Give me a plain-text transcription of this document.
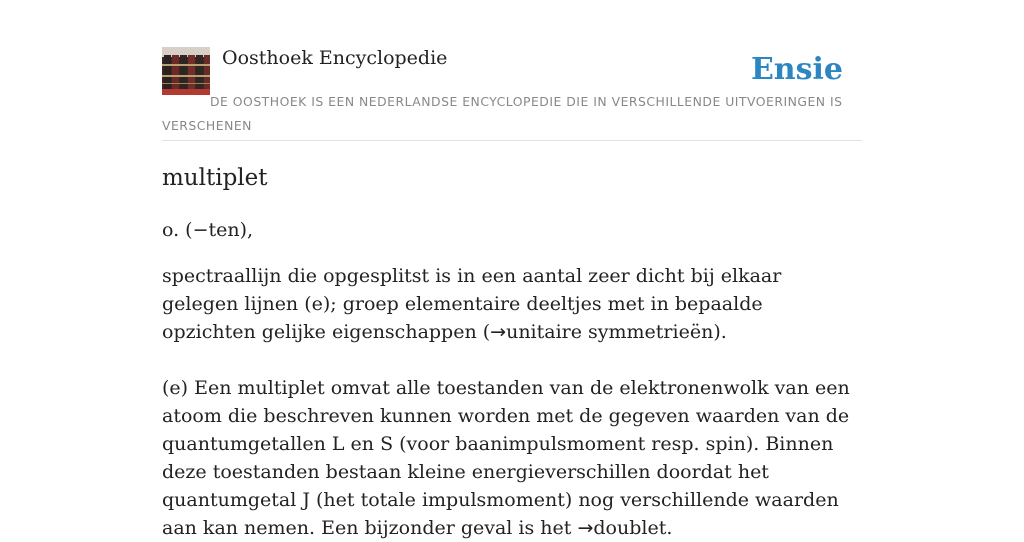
Oosthoek Encyclopedie	Ensie
DE OOSTHOEK IS EEN NEDERLANDSE ENCYCLOPEDIE DIE IN VERSCHILLENDE UITVOERINGEN IS VERSCHENEN
multiplet

o. (−ten),

spectraallijn die opgesplitst is in een aantal zeer dicht bij elkaar gelegen lijnen (e); groep elementaire deeltjes met in bepaalde opzichten gelijke eigenschappen (→unitaire symmetrieën).

(e) Een multiplet omvat alle toestanden van de elektronenwolk van een atoom die beschreven kunnen worden met de gegeven waarden van de quantumgetallen L en S (voor baanimpulsmoment resp. spin). Binnen deze toestanden bestaan kleine energieverschillen doordat het quantumgetal J (het totale impulsmoment) nog verschillende waarden aan kan nemen. Een bijzonder geval is het →doublet.
